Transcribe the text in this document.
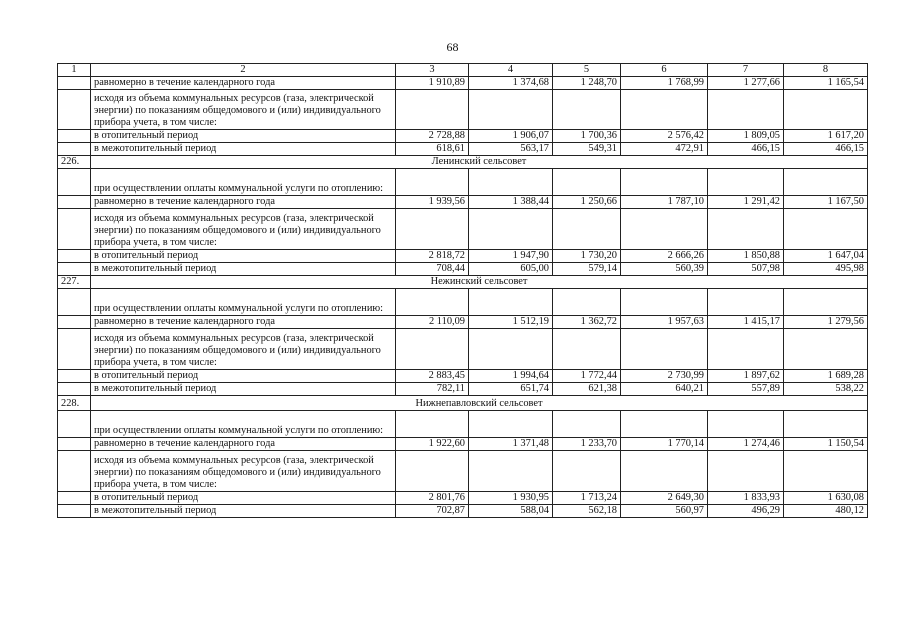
68
1	2	3	4	5	6	7	8
	равномерно в течение календарного года	1 910,89	1 374,68	1 248,70	1 768,99	1 277,66	1 165,54
	исходя из объема коммунальных ресурсов (газа, электрической энергии) по показаниям общедомового и (или) индивидуального прибора учета, в том числе:						
	в отопительный период	2 728,88	1 906,07	1 700,36	2 576,42	1 809,05	1 617,20
	в межотопительный период	618,61	563,17	549,31	472,91	466,15	466,15
226.	Ленинский сельсовет						
	при осуществлении оплаты коммунальной услуги по отоплению:						
	равномерно в течение календарного года	1 939,56	1 388,44	1 250,66	1 787,10	1 291,42	1 167,50
	исходя из объема коммунальных ресурсов (газа, электрической энергии) по показаниям общедомового и (или) индивидуального прибора учета, в том числе:						
	в отопительный период	2 818,72	1 947,90	1 730,20	2 666,26	1 850,88	1 647,04
	в межотопительный период	708,44	605,00	579,14	560,39	507,98	495,98
227.	Нежинский сельсовет						
	при осуществлении оплаты коммунальной услуги по отоплению:						
	равномерно в течение календарного года	2 110,09	1 512,19	1 362,72	1 957,63	1 415,17	1 279,56
	исходя из объема коммунальных ресурсов (газа, электрической энергии) по показаниям общедомового и (или) индивидуального прибора учета, в том числе:						
	в отопительный период	2 883,45	1 994,64	1 772,44	2 730,99	1 897,62	1 689,28
	в межотопительный период	782,11	651,74	621,38	640,21	557,89	538,22
228.	Нижнепавловский сельсовет						
	при осуществлении оплаты коммунальной услуги по отоплению:						
	равномерно в течение календарного года	1 922,60	1 371,48	1 233,70	1 770,14	1 274,46	1 150,54
	исходя из объема коммунальных ресурсов (газа, электрической энергии) по показаниям общедомового и (или) индивидуального прибора учета, в том числе:						
	в отопительный период	2 801,76	1 930,95	1 713,24	2 649,30	1 833,93	1 630,08
	в межотопительный период	702,87	588,04	562,18	560,97	496,29	480,12
